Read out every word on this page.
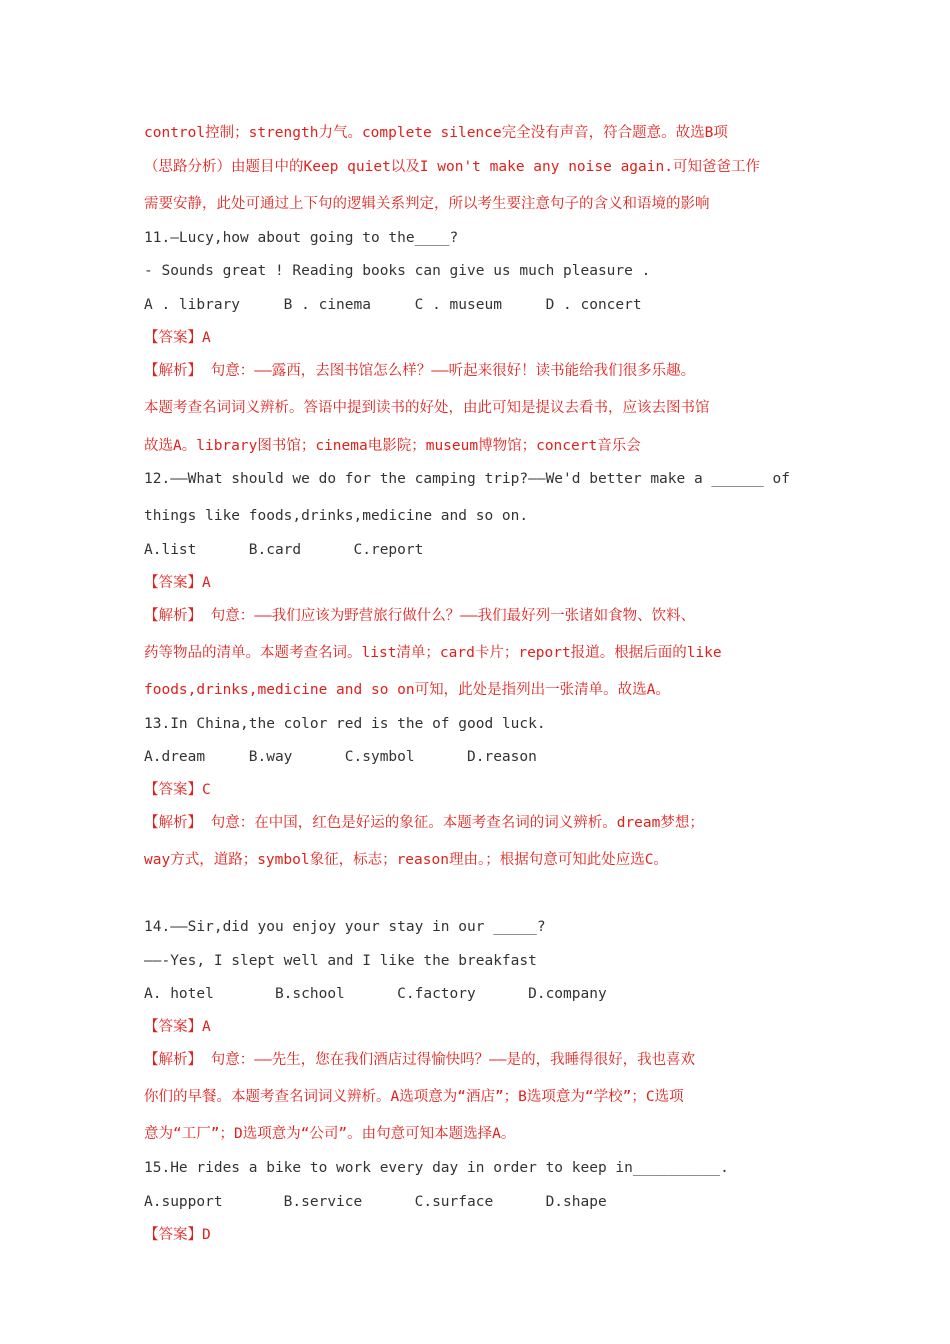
control控制；strength力气。complete silence完全没有声音，符合题意。故选B项
（思路分析）由题目中的Keep quiet以及I won't make any noise again.可知爸爸工作
需要安静，此处可通过上下句的逻辑关系判定，所以考生要注意句子的含义和语境的影响
11.—Lucy,how about going to the____?
- Sounds great ! Reading books can give us much pleasure .
A . library     B . cinema     C . museum     D . concert
【答案】A
【解析】 句意：——露西，去图书馆怎么样？——听起来很好！读书能给我们很多乐趣。
本题考查名词词义辨析。答语中提到读书的好处，由此可知是提议去看书，应该去图书馆
故选A。library图书馆；cinema电影院；museum博物馆；concert音乐会
12.——What should we do for the camping trip?——We'd better make a ______ of
things like foods,drinks,medicine and so on.
A.list      B.card      C.report
【答案】A
【解析】 句意：——我们应该为野营旅行做什么？——我们最好列一张诸如食物、饮料、
药等物品的清单。本题考查名词。list清单；card卡片；report报道。根据后面的like
foods,drinks,medicine and so on可知，此处是指列出一张清单。故选A。
13.In China,the color red is the of good luck.
A.dream     B.way      C.symbol      D.reason
【答案】C
【解析】 句意：在中国，红色是好运的象征。本题考查名词的词义辨析。dream梦想；
way方式，道路；symbol象征，标志；reason理由。；根据句意可知此处应选C。
14.——Sir,did you enjoy your stay in our _____?
——-Yes, I slept well and I like the breakfast
A. hotel       B.school      C.factory      D.company
【答案】A
【解析】 句意：——先生，您在我们酒店过得愉快吗？——是的，我睡得很好，我也喜欢
你们的早餐。本题考查名词词义辨析。A选项意为“酒店”；B选项意为“学校”；C选项
意为“工厂”；D选项意为“公司”。由句意可知本题选择A。
15.He rides a bike to work every day in order to keep in__________.
A.support       B.service      C.surface      D.shape
【答案】D
